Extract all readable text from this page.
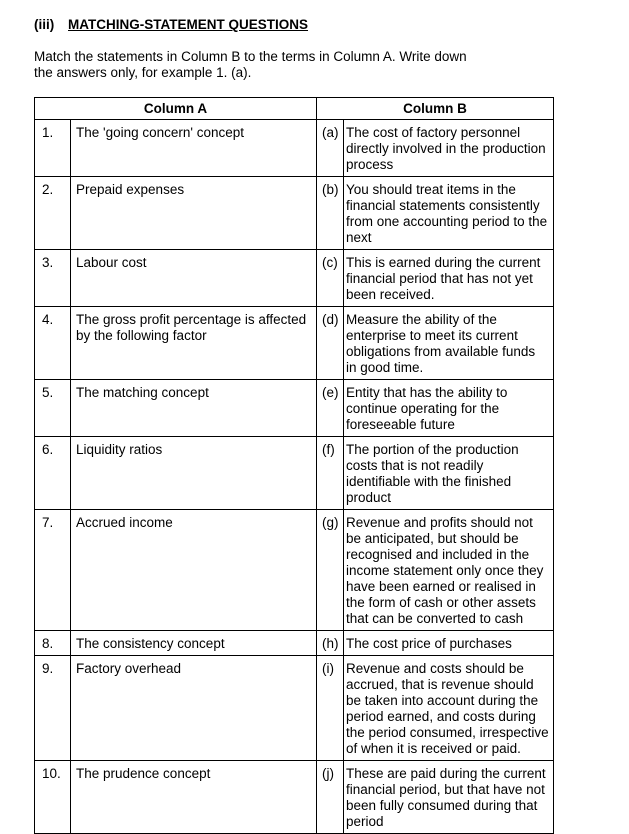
(iii) MATCHING-STATEMENT QUESTIONS
Match the statements in Column B to the terms in Column A. Write down the answers only, for example 1. (a).
Column A		Column B	
1.	The 'going concern' concept	(a)	The cost of factory personnel directly involved in the production process
2.	Prepaid expenses	(b)	You should treat items in the financial statements consistently from one accounting period to the next
3.	Labour cost	(c)	This is earned during the current financial period that has not yet been received.
4.	The gross profit percentage is affected by the following factor	(d)	Measure the ability of the enterprise to meet its current obligations from available funds in good time.
5.	The matching concept	(e)	Entity that has the ability to continue operating for the foreseeable future
6.	Liquidity ratios	(f)	The portion of the production costs that is not readily identifiable with the finished product
7.	Accrued income	(g)	Revenue and profits should not be anticipated, but should be recognised and included in the income statement only once they have been earned or realised in the form of cash or other assets that can be converted to cash
8.	The consistency concept	(h)	The cost price of purchases
9.	Factory overhead	(i)	Revenue and costs should be accrued, that is revenue should be taken into account during the period earned, and costs during the period consumed, irrespective of when it is received or paid.
10.	The prudence concept	(j)	These are paid during the current financial period, but that have not been fully consumed during that period
